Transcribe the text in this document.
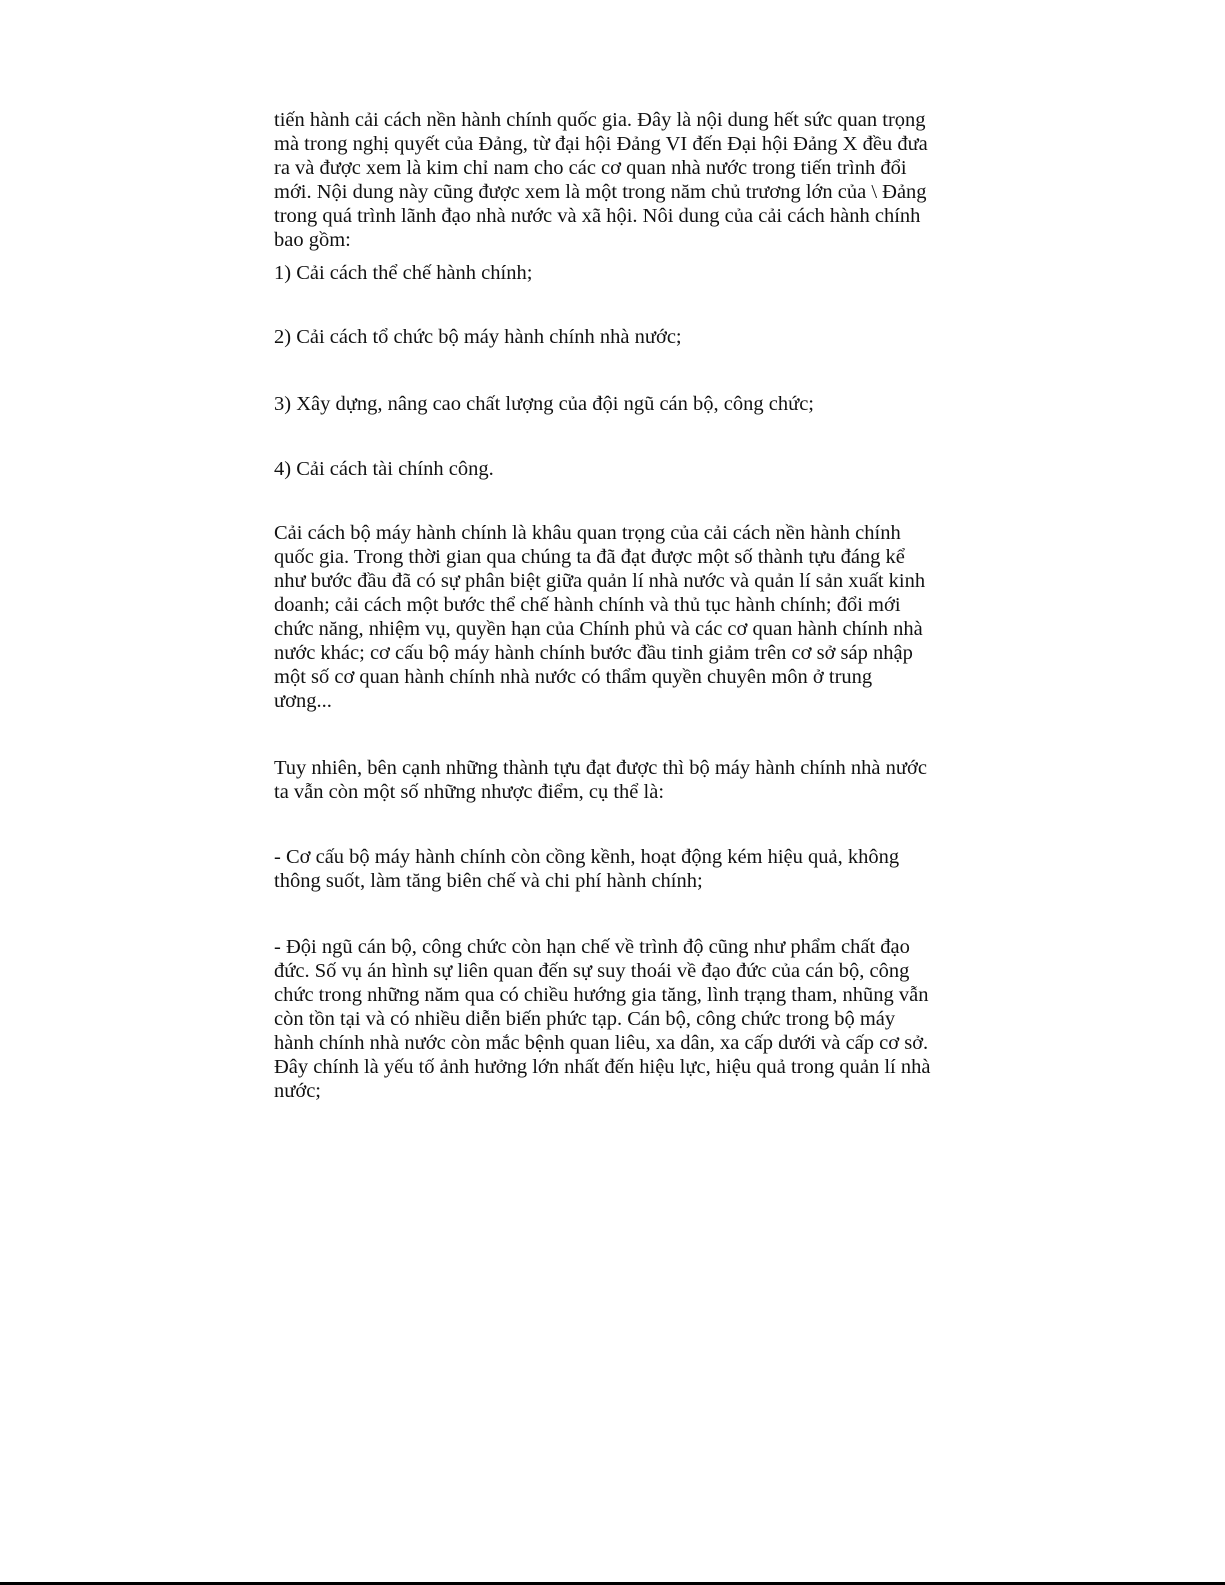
tiến hành cải cách nền hành chính quốc gia. Đây là nội dung hết sức quan trọng
mà trong nghị quyết của Đảng, từ đại hội Đảng VI đến Đại hội Đảng X đều đưa
ra và được xem là kim chỉ nam cho các cơ quan nhà nước trong tiến trình đổi
mới. Nội dung này cũng được xem là một trong năm chủ trương lớn của \ Đảng
trong quá trình lãnh đạo nhà nước và xã hội. Nôi dung của cải cách hành chính
bao gồm:

1) Cải cách thể chế hành chính;

2) Cải cách tổ chức bộ máy hành chính nhà nước;

3) Xây dựng, nâng cao chất lượng của đội ngũ cán bộ, công chức;

4) Cải cách tài chính công.

Cải cách bộ máy hành chính là khâu quan trọng của cải cách nền hành chính
quốc gia. Trong thời gian qua chúng ta đã đạt được một số thành tựu đáng kể
như bước đầu đã có sự phân biệt giữa quản lí nhà nước và quản lí sản xuất kinh
doanh; cải cách một bước thể chế hành chính và thủ tục hành chính; đổi mới
chức năng, nhiệm vụ, quyền hạn của Chính phủ và các cơ quan hành chính nhà
nước khác; cơ cấu bộ máy hành chính bước đầu tinh giảm trên cơ sở sáp nhập
một số cơ quan hành chính nhà nước có thẩm quyền chuyên môn ở trung
ương...

Tuy nhiên, bên cạnh những thành tựu đạt được thì bộ máy hành chính nhà nước
ta vẫn còn một số những nhược điểm, cụ thể là:

- Cơ cấu bộ máy hành chính còn cồng kềnh, hoạt động kém hiệu quả, không
thông suốt, làm tăng biên chế và chi phí hành chính;

- Đội ngũ cán bộ, công chức còn hạn chế về trình độ cũng như phẩm chất đạo
đức. Số vụ án hình sự liên quan đến sự suy thoái về đạo đức của cán bộ, công
chức trong những năm qua có chiều hướng gia tăng, lình trạng tham, nhũng vẫn
còn tồn tại và có nhiều diễn biến phức tạp. Cán bộ, công chức trong bộ máy
hành chính nhà nước còn mắc bệnh quan liêu, xa dân, xa cấp dưới và cấp cơ sở.
Đây chính là yếu tố ảnh hưởng lớn nhất đến hiệu lực, hiệu quả trong quản lí nhà
nước;
